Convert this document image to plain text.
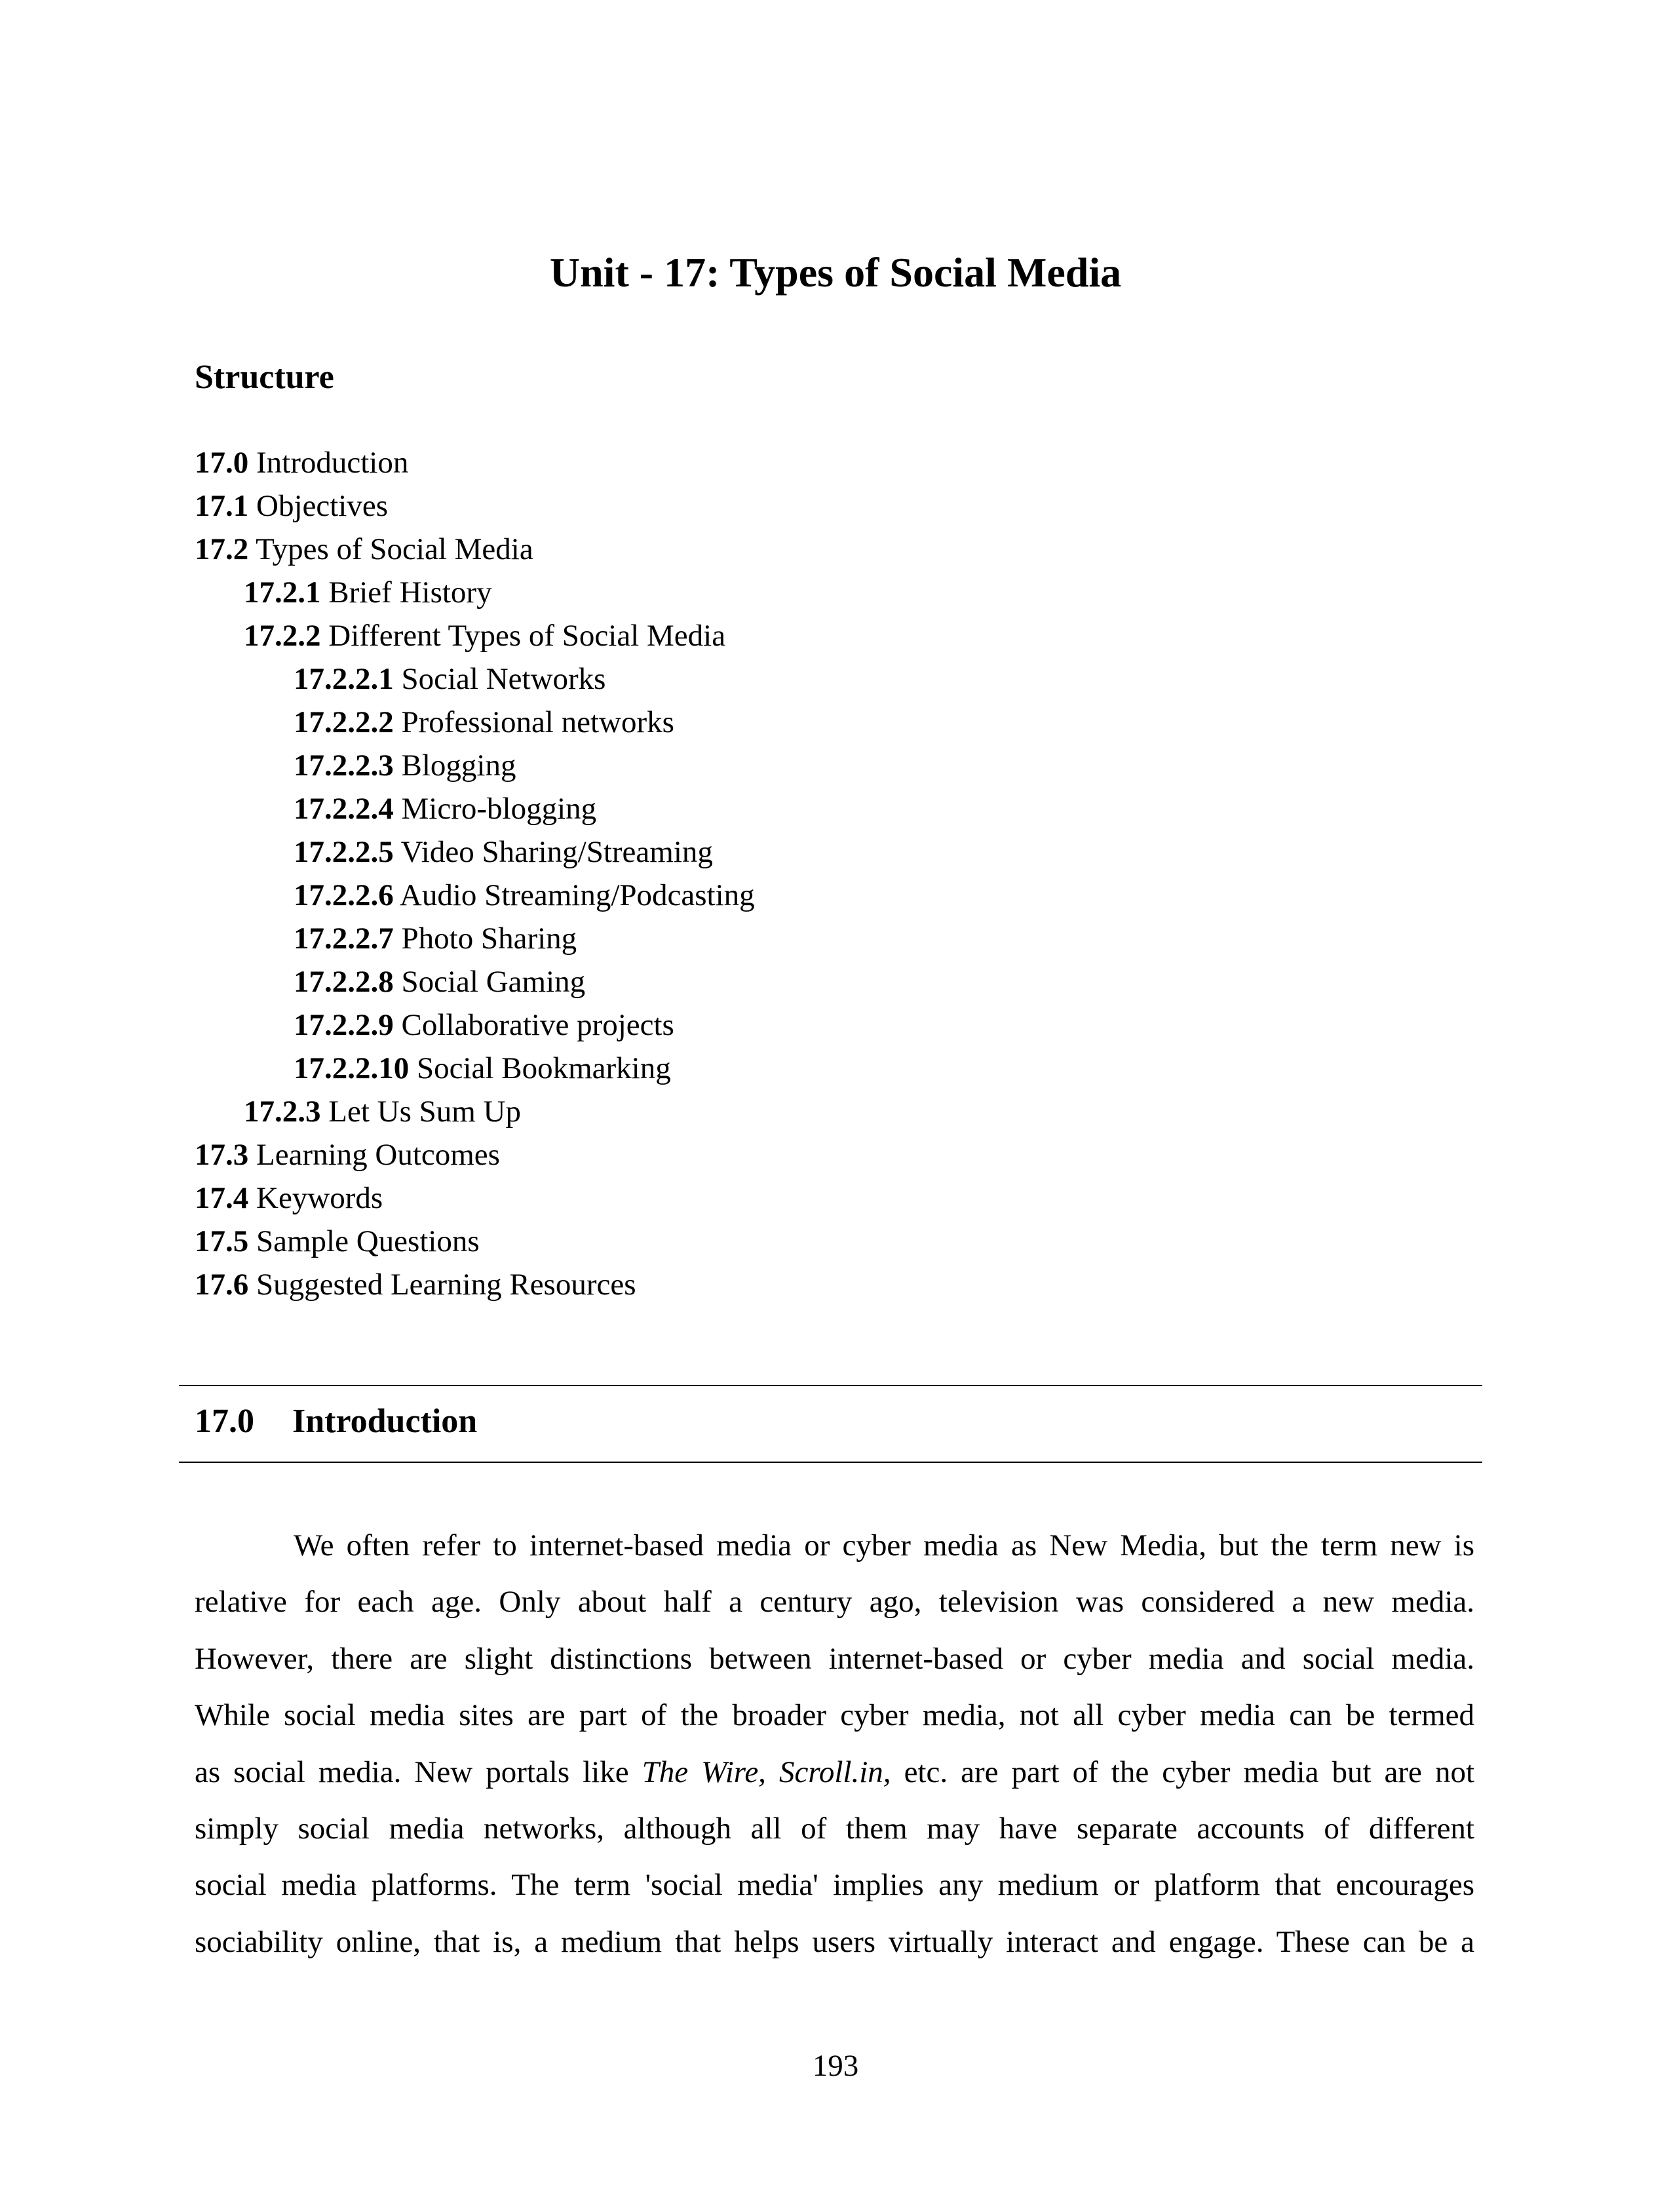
Unit - 17: Types of Social Media
Structure
17.0 Introduction
17.1 Objectives
17.2 Types of Social Media
17.2.1 Brief History
17.2.2 Different Types of Social Media
17.2.2.1 Social Networks
17.2.2.2 Professional networks
17.2.2.3 Blogging
17.2.2.4 Micro-blogging
17.2.2.5 Video Sharing/Streaming
17.2.2.6 Audio Streaming/Podcasting
17.2.2.7 Photo Sharing
17.2.2.8 Social Gaming
17.2.2.9 Collaborative projects
17.2.2.10 Social Bookmarking
17.2.3 Let Us Sum Up
17.3 Learning Outcomes
17.4 Keywords
17.5 Sample Questions
17.6 Suggested Learning Resources
17.0 Introduction
We often refer to internet-based media or cyber media as New Media, but the term new is
relative for each age. Only about half a century ago, television was considered a new media.
However, there are slight distinctions between internet-based or cyber media and social media.
While social media sites are part of the broader cyber media, not all cyber media can be termed
as social media. New portals like The Wire, Scroll.in, etc. are part of the cyber media but are not
simply social media networks, although all of them may have separate accounts of different
social media platforms. The term 'social media' implies any medium or platform that encourages
sociability online, that is, a medium that helps users virtually interact and engage. These can be a
193
